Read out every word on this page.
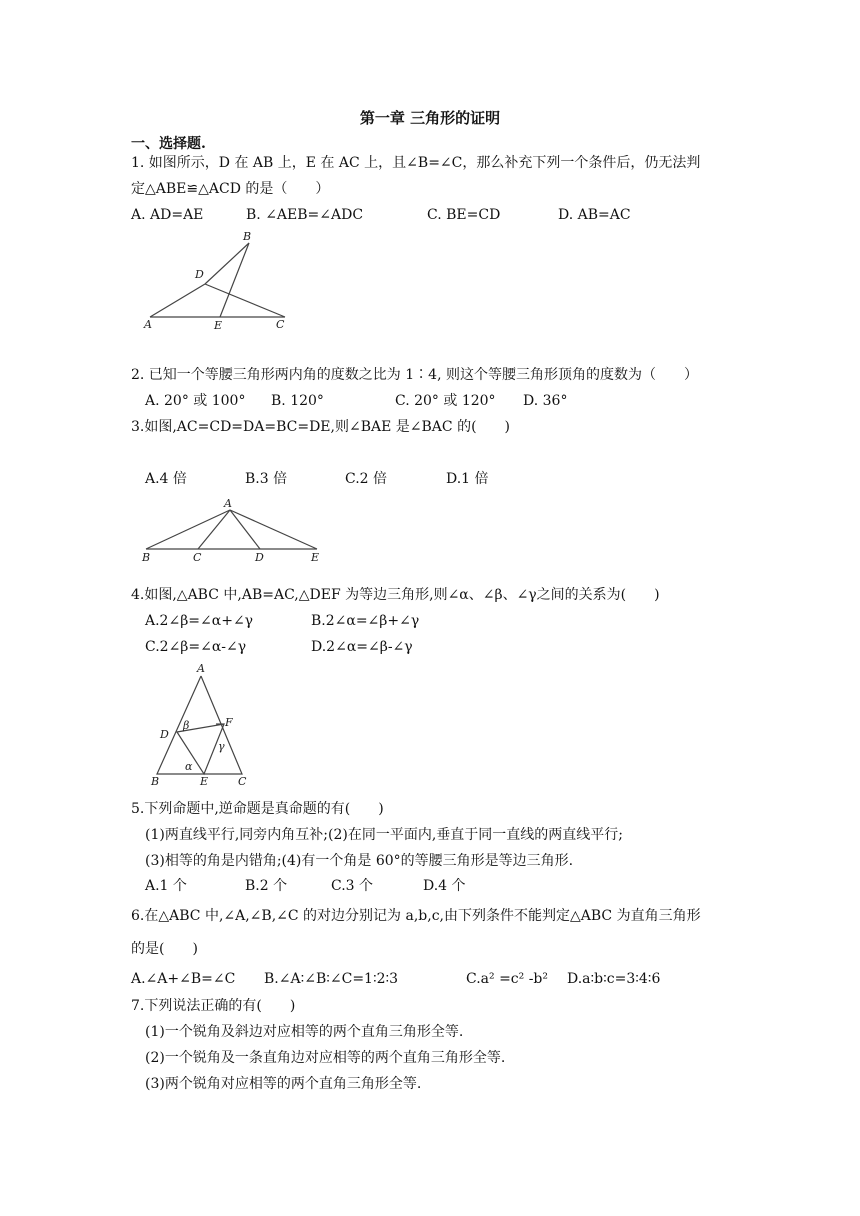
第一章 三角形的证明
一、选择题.
1. 如图所示，D 在 AB 上，E 在 AC 上，且∠B=∠C，那么补充下列一个条件后，仍无法判
定△ABE≌△ACD 的是（　　）
A. AD=AE	B. ∠AEB=∠ADC	C. BE=CD	D. AB=AC
A
B
C
D
E
2. 已知一个等腰三角形两内角的度数之比为 1∶4, 则这个等腰三角形顶角的度数为（　　）
A. 20° 或 100° B. 120°	C. 20° 或 120° D. 36°
3.如图,AC=CD=DA=BC=DE,则∠BAE 是∠BAC 的(　　)
A.4 倍	B.3 倍	C.2 倍	D.1 倍
A
B	C	D	E
4.如图,△ABC 中,AB=AC,△DEF 为等边三角形,则∠α、∠β、∠γ之间的关系为(　　)
A.2∠β=∠α+∠γ	B.2∠α=∠β+∠γ
C.2∠β=∠α-∠γ	D.2∠α=∠β-∠γ
A
B	C
D
E
F
β
γ
α
5.下列命题中,逆命题是真命题的有(　　)
(1)两直线平行,同旁内角互补;(2)在同一平面内,垂直于同一直线的两直线平行;
(3)相等的角是内错角;(4)有一个角是 60°的等腰三角形是等边三角形.
A.1 个	B.2 个	C.3 个	D.4 个
6.在△ABC 中,∠A,∠B,∠C 的对边分别记为 a,b,c,由下列条件不能判定△ABC 为直角三角形
的是(　　)
A.∠A+∠B=∠C B.∠A∶∠B∶∠C=1∶2∶3	C.a² =c² -b² D.a∶b∶c=3∶4∶6
7.下列说法正确的有(　　)
(1)一个锐角及斜边对应相等的两个直角三角形全等.
(2)一个锐角及一条直角边对应相等的两个直角三角形全等.
(3)两个锐角对应相等的两个直角三角形全等.
